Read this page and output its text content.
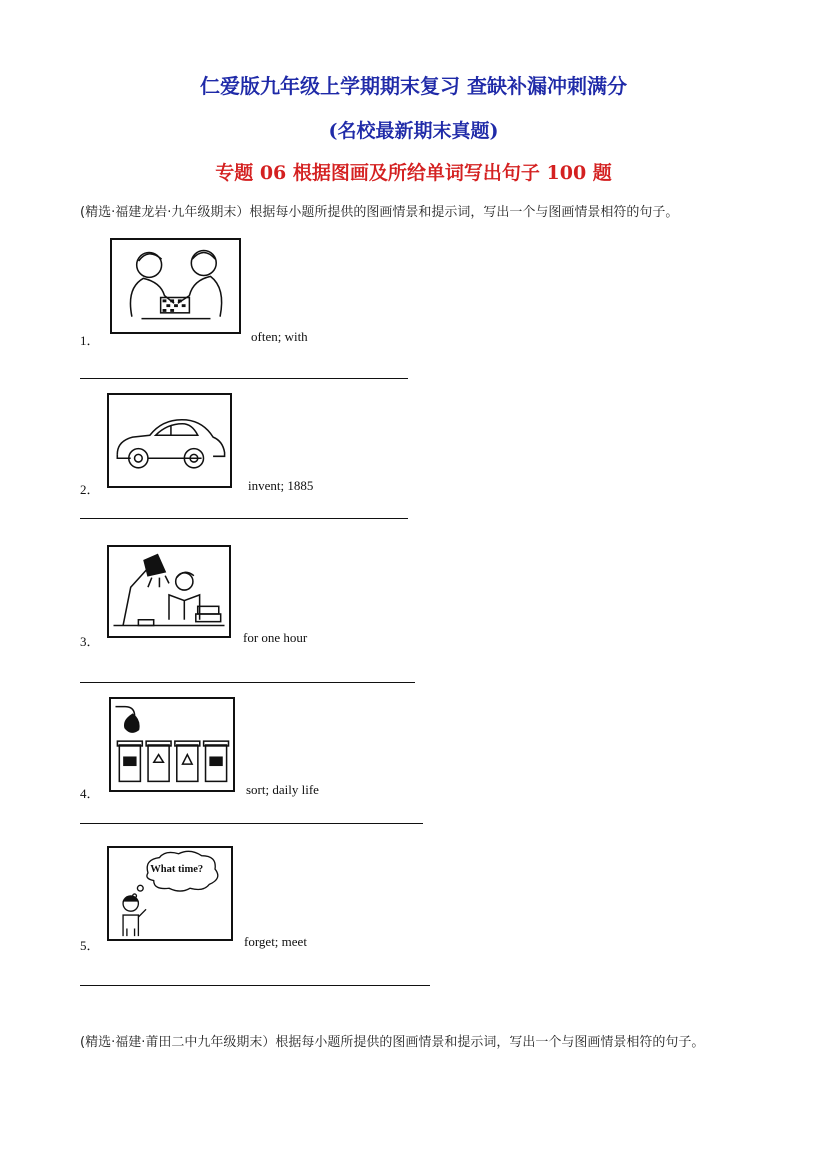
仁爱版九年级上学期期末复习 查缺补漏冲刺满分
(名校最新期末真题)
专题 06 根据图画及所给单词写出句子 100 题
(精选·福建龙岩·九年级期末）根据每小题所提供的图画情景和提示词，写出一个与图画情景相符的句子。
1．	often; with
2．	invent; 1885
3．	for one hour
4．	sort; daily life
What time?
5．	forget; meet
(精选·福建·莆田二中九年级期末）根据每小题所提供的图画情景和提示词，写出一个与图画情景相符的句子。
